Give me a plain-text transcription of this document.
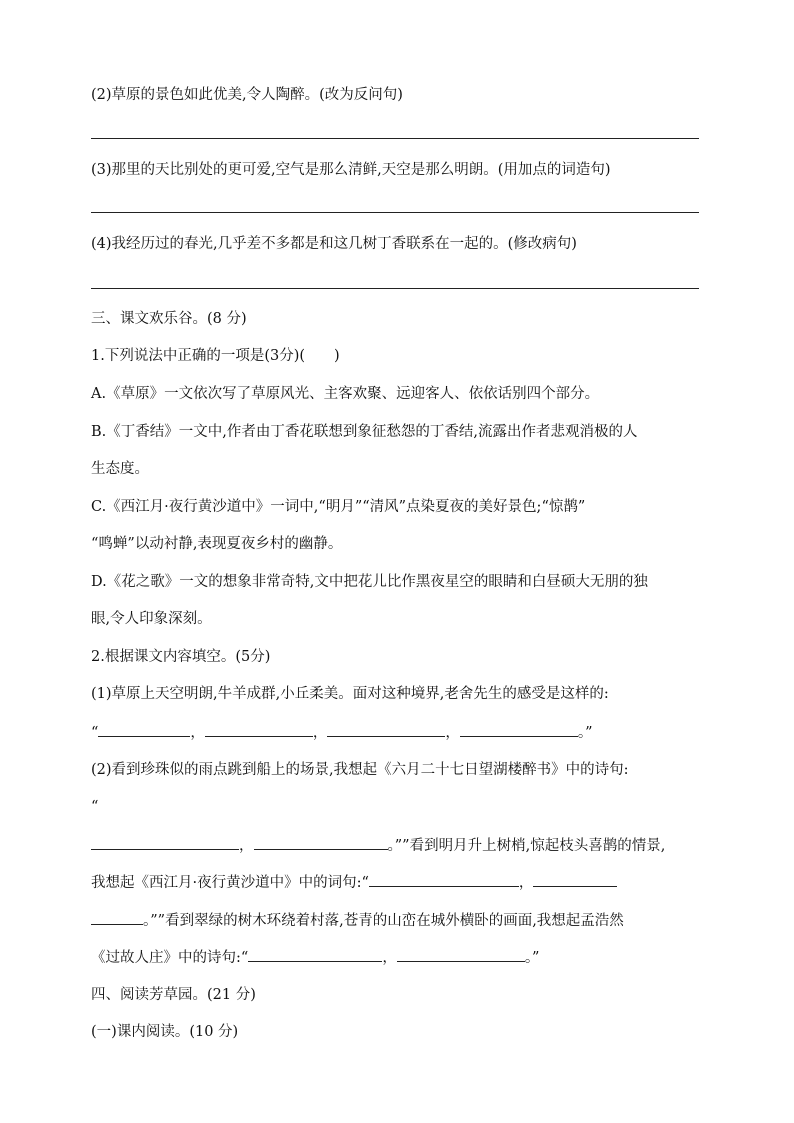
(2)草原的景色如此优美,令人陶醉。(改为反问句)
(3)那里的天比别处的更可爱,空气是那么清鲜,天空是那么明朗。(用加点的词造句)
(4)我经历过的春光,几乎差不多都是和这几树丁香联系在一起的。(修改病句)
三、课文欢乐谷。(8 分)
1.下列说法中正确的一项是(3分)(　　)
A.《草原》一文依次写了草原风光、主客欢聚、远迎客人、依依话别四个部分。
B.《丁香结》一文中,作者由丁香花联想到象征愁怨的丁香结,流露出作者悲观消极的人
生态度。
C.《西江月·夜行黄沙道中》一词中,“明月”“清风”点染夏夜的美好景色;“惊鹊”
“鸣蝉”以动衬静,表现夏夜乡村的幽静。
D.《花之歌》一文的想象非常奇特,文中把花儿比作黑夜星空的眼睛和白昼硕大无朋的独
眼,令人印象深刻。
2.根据课文内容填空。(5分)
(1)草原上天空明朗,牛羊成群,小丘柔美。面对这种境界,老舍先生的感受是这样的:
“	，	，	，	。”
(2)看到珍珠似的雨点跳到船上的场景,我想起《六月二十七日望湖楼醉书》中的诗句:
“
，	。””看到明月升上树梢,惊起枝头喜鹊的情景,
我想起《西江月·夜行黄沙道中》中的词句:“	，
。””看到翠绿的树木环绕着村落,苍青的山峦在城外横卧的画面,我想起孟浩然
《过故人庄》中的诗句:“	，	。”
四、阅读芳草园。(21 分)
(一)课内阅读。(10 分)
